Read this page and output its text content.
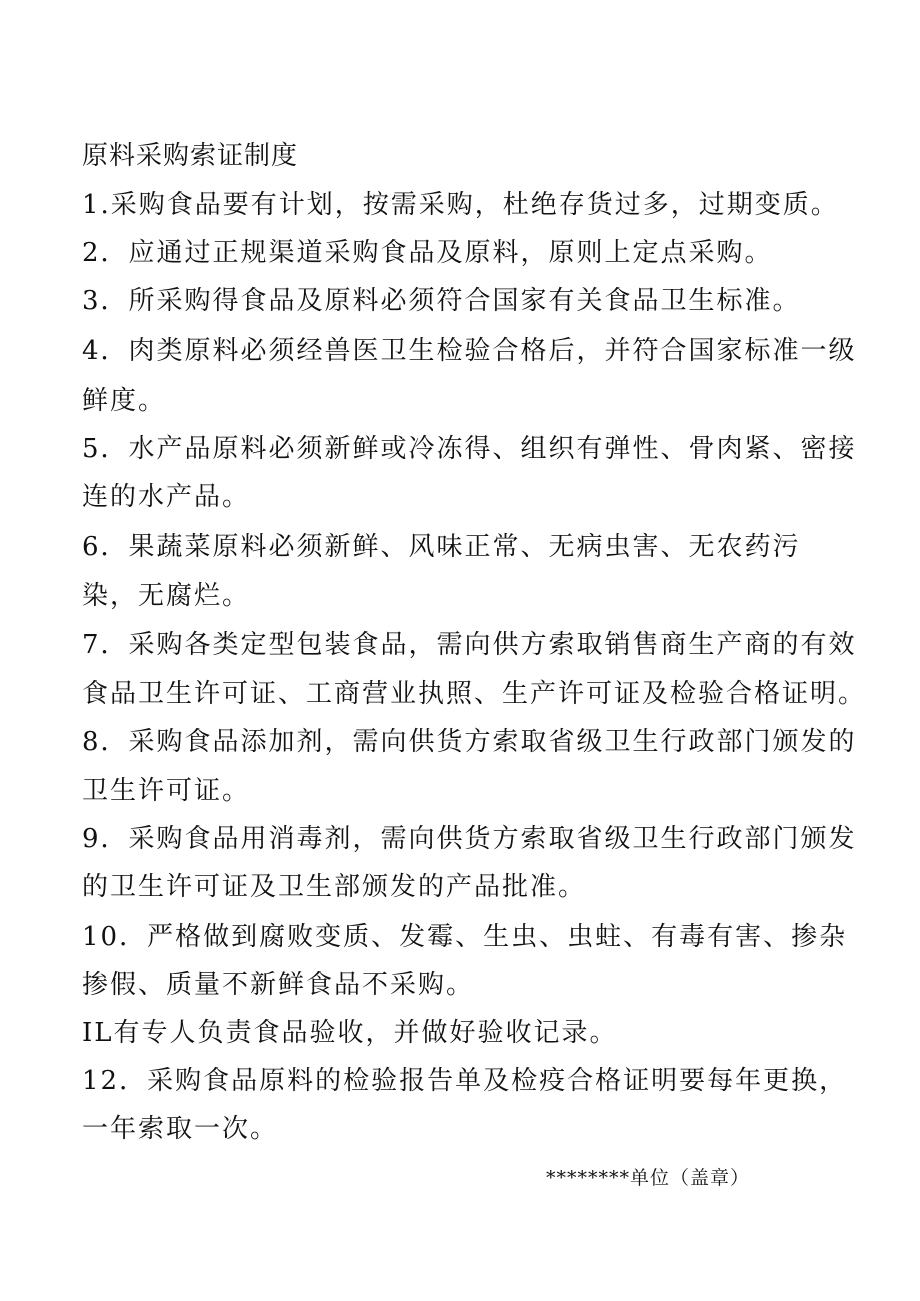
原料采购索证制度
1.采购食品要有计划，按需采购，杜绝存货过多，过期变质。
2．应通过正规渠道采购食品及原料，原则上定点采购。
3．所采购得食品及原料必须符合国家有关食品卫生标准。
4．肉类原料必须经兽医卫生检验合格后，并符合国家标准一级
鲜度。
5．水产品原料必须新鲜或冷冻得、组织有弹性、骨肉紧、密接
连的水产品。
6．果蔬菜原料必须新鲜、风味正常、无病虫害、无农药污
染，无腐烂。
7．采购各类定型包装食品，需向供方索取销售商生产商的有效
食品卫生许可证、工商营业执照、生产许可证及检验合格证明。
8．采购食品添加剂，需向供货方索取省级卫生行政部门颁发的
卫生许可证。
9．采购食品用消毒剂，需向供货方索取省级卫生行政部门颁发
的卫生许可证及卫生部颁发的产品批准。
10．严格做到腐败变质、发霉、生虫、虫蛀、有毒有害、掺杂
掺假、质量不新鲜食品不采购。
IL有专人负责食品验收，并做好验收记录。
12．采购食品原料的检验报告单及检疫合格证明要每年更换，
一年索取一次。
********单位（盖章）
